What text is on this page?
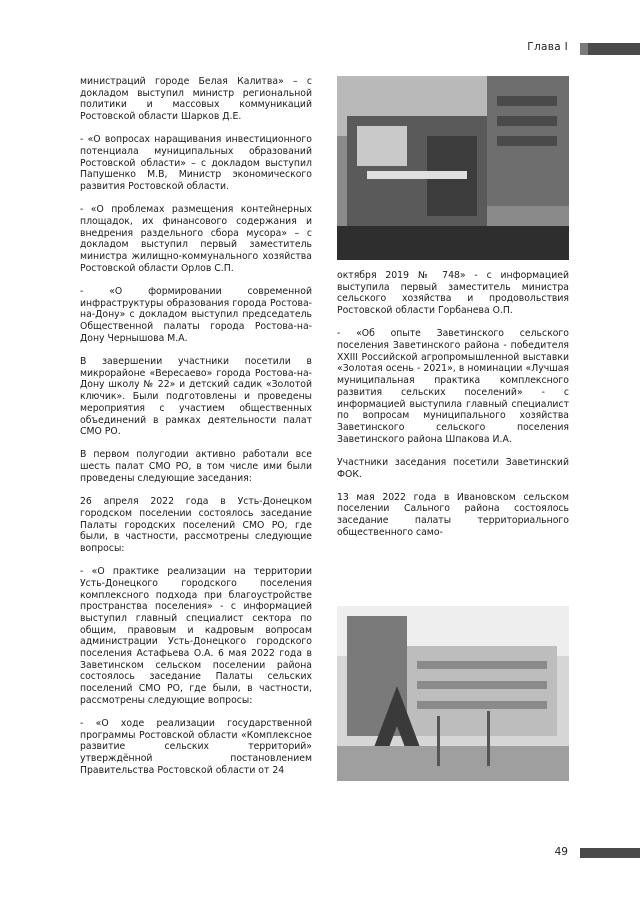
Глава I

министраций городе Белая Калитва» – с докладом выступил министр региональной политики и массовых коммуникаций Ростовской области Шарков Д.Е.

- «О вопросах наращивания инвестиционного потенциала муниципальных образований Ростовской области» – с докладом выступил Папушенко М.В, Министр экономического развития Ростовской области.

- «О проблемах размещения контейнерных площадок, их финансового содержания и внедрения раздельного сбора мусора» – с докладом выступил первый заместитель министра жилищно-коммунального хозяйства Ростовской области Орлов С.П.

- «О формировании современной инфраструктуры образования города Ростова-на-Дону» с докладом выступил председатель Общественной палаты города Ростова-на-Дону Чернышова М.А.

В завершении участники посетили в микрорайоне «Вересаево» города Ростова-на-Дону школу № 22» и детский садик «Золотой ключик». Были подготовлены и проведены мероприятия с участием общественных объединений в рамках деятельности палат СМО РО.

В первом полугодии активно работали все шесть палат СМО РО, в том числе ими были проведены следующие заседания:

26 апреля 2022 года в Усть-Донецком городском поселении состоялось заседание Палаты городских поселений СМО РО, где были, в частности, рассмотрены следующие вопросы:

- «О практике реализации на территории Усть-Донецкого городского поселения комплексного подхода при благоустройстве пространства поселения» - с информацией выступил главный специалист сектора по общим, правовым и кадровым вопросам администрации Усть-Донецкого городского поселения Астафьева О.А. 6 мая 2022 года в Заветинском сельском поселении района состоялось заседание Палаты сельских поселений СМО РО, где были, в частности, рассмотрены следующие вопросы:

- «О ходе реализации государственной программы Ростовской области «Комплексное развитие сельских территорий» утверждённой постановлением Правительства Ростовской области от 24

октября 2019 № 748» - с информацией выступила первый заместитель министра сельского хозяйства и продовольствия Ростовской области Горбанева О.П.

- «Об опыте Заветинского сельского поселения Заветинского района - победителя XXIII Российской агропромышленной выставки «Золотая осень - 2021», в номинации «Лучшая муниципальная практика комплексного развития сельских поселений» - с информацией выступила главный специалист по вопросам муниципального хозяйства Заветинского сельского поселения Заветинского района Шпакова И.А.

Участники заседания посетили Заветинский ФОК.

13 мая 2022 года в Ивановском сельском поселении Сального района состоялось заседание палаты территориального общественного само-

49
